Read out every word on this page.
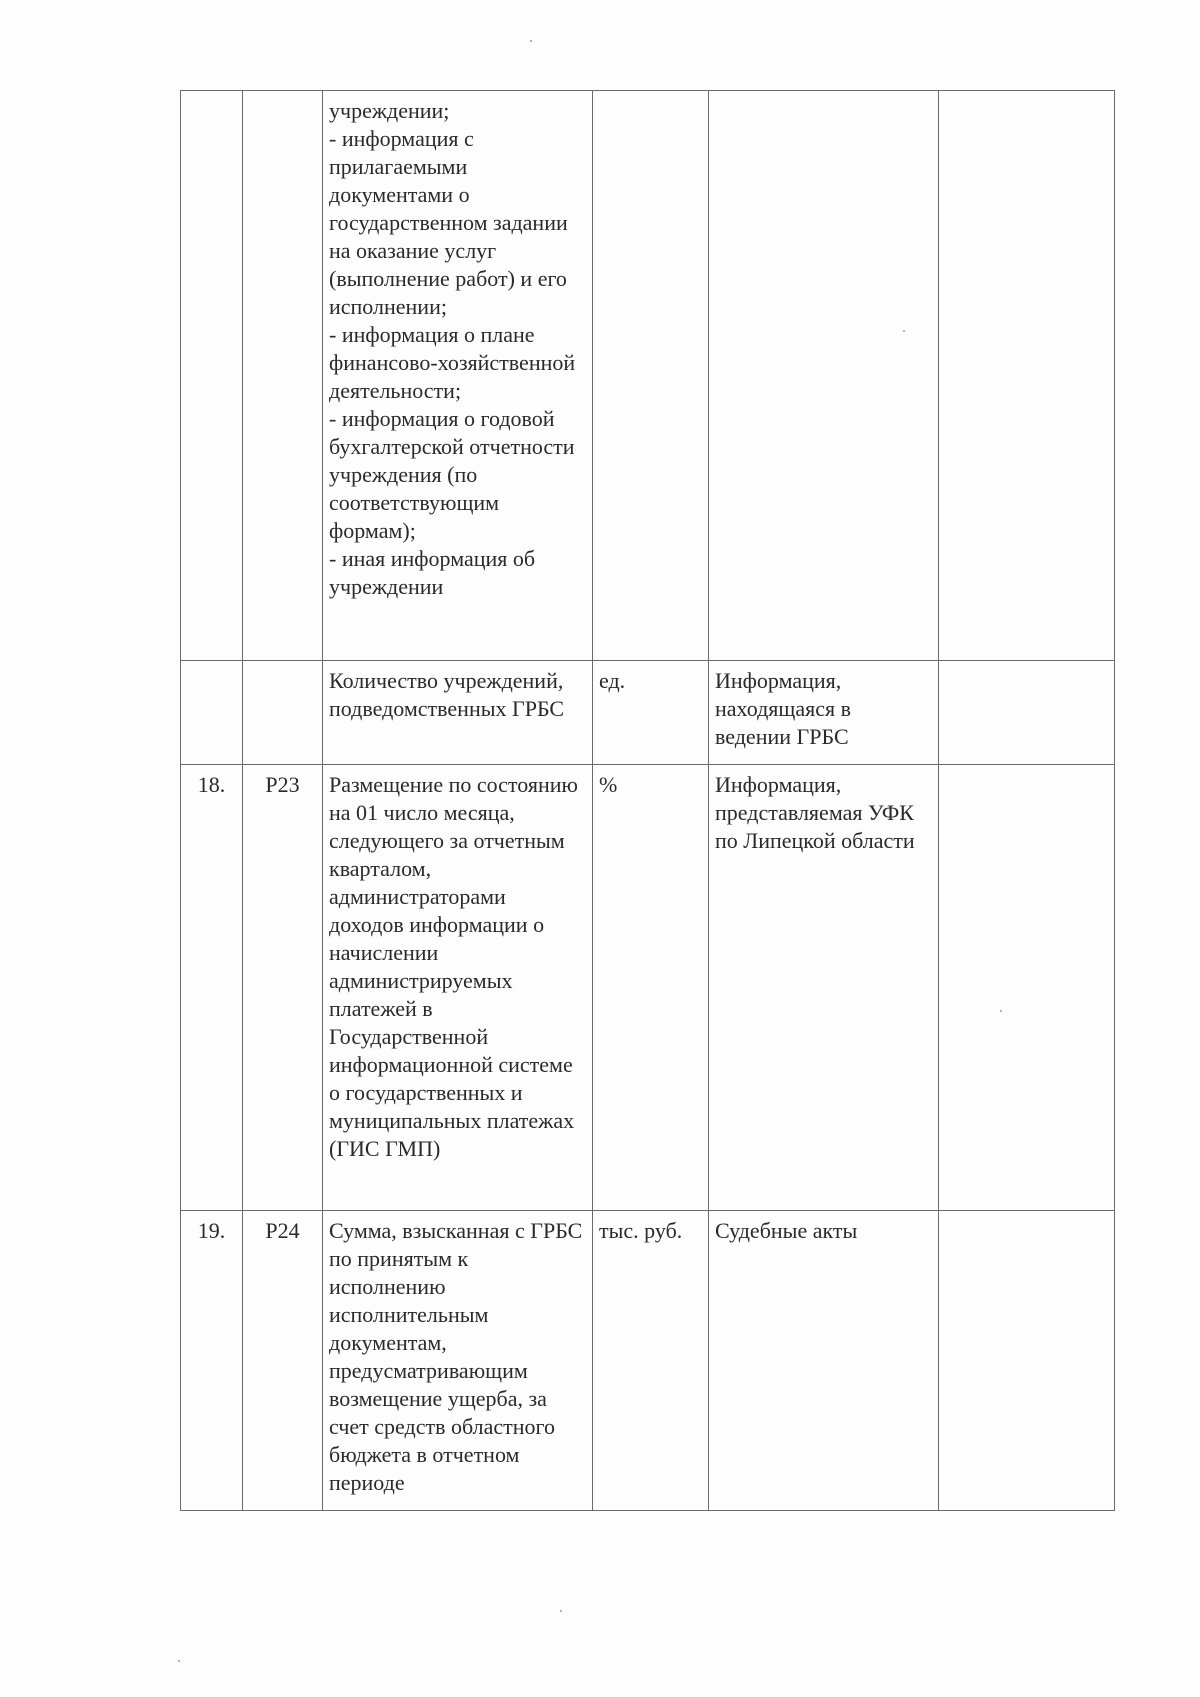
		учреждении;
- информация с прилагаемыми документами о государственном задании на оказание услуг (выполнение работ) и его исполнении;
- информация о плане финансово-хозяйственной деятельности;
- информация о годовой бухгалтерской отчетности учреждения (по соответствующим формам);
- иная информация об учреждении			
		Количество учреждений, подведомственных ГРБС	ед.	Информация, находящаяся в ведении ГРБС	
18.	Р23	Размещение по состоянию на 01 число месяца, следующего за отчетным кварталом, администраторами доходов информации о начислении администрируемых платежей в Государственной информационной системе о государственных и муниципальных платежах (ГИС ГМП)	%	Информация, представляемая УФК по Липецкой области	
19.	Р24	Сумма, взысканная с ГРБС по принятым к исполнению исполнительным документам, предусматривающим возмещение ущерба, за счет средств областного бюджета в отчетном периоде	тыс. руб.	Судебные акты	
